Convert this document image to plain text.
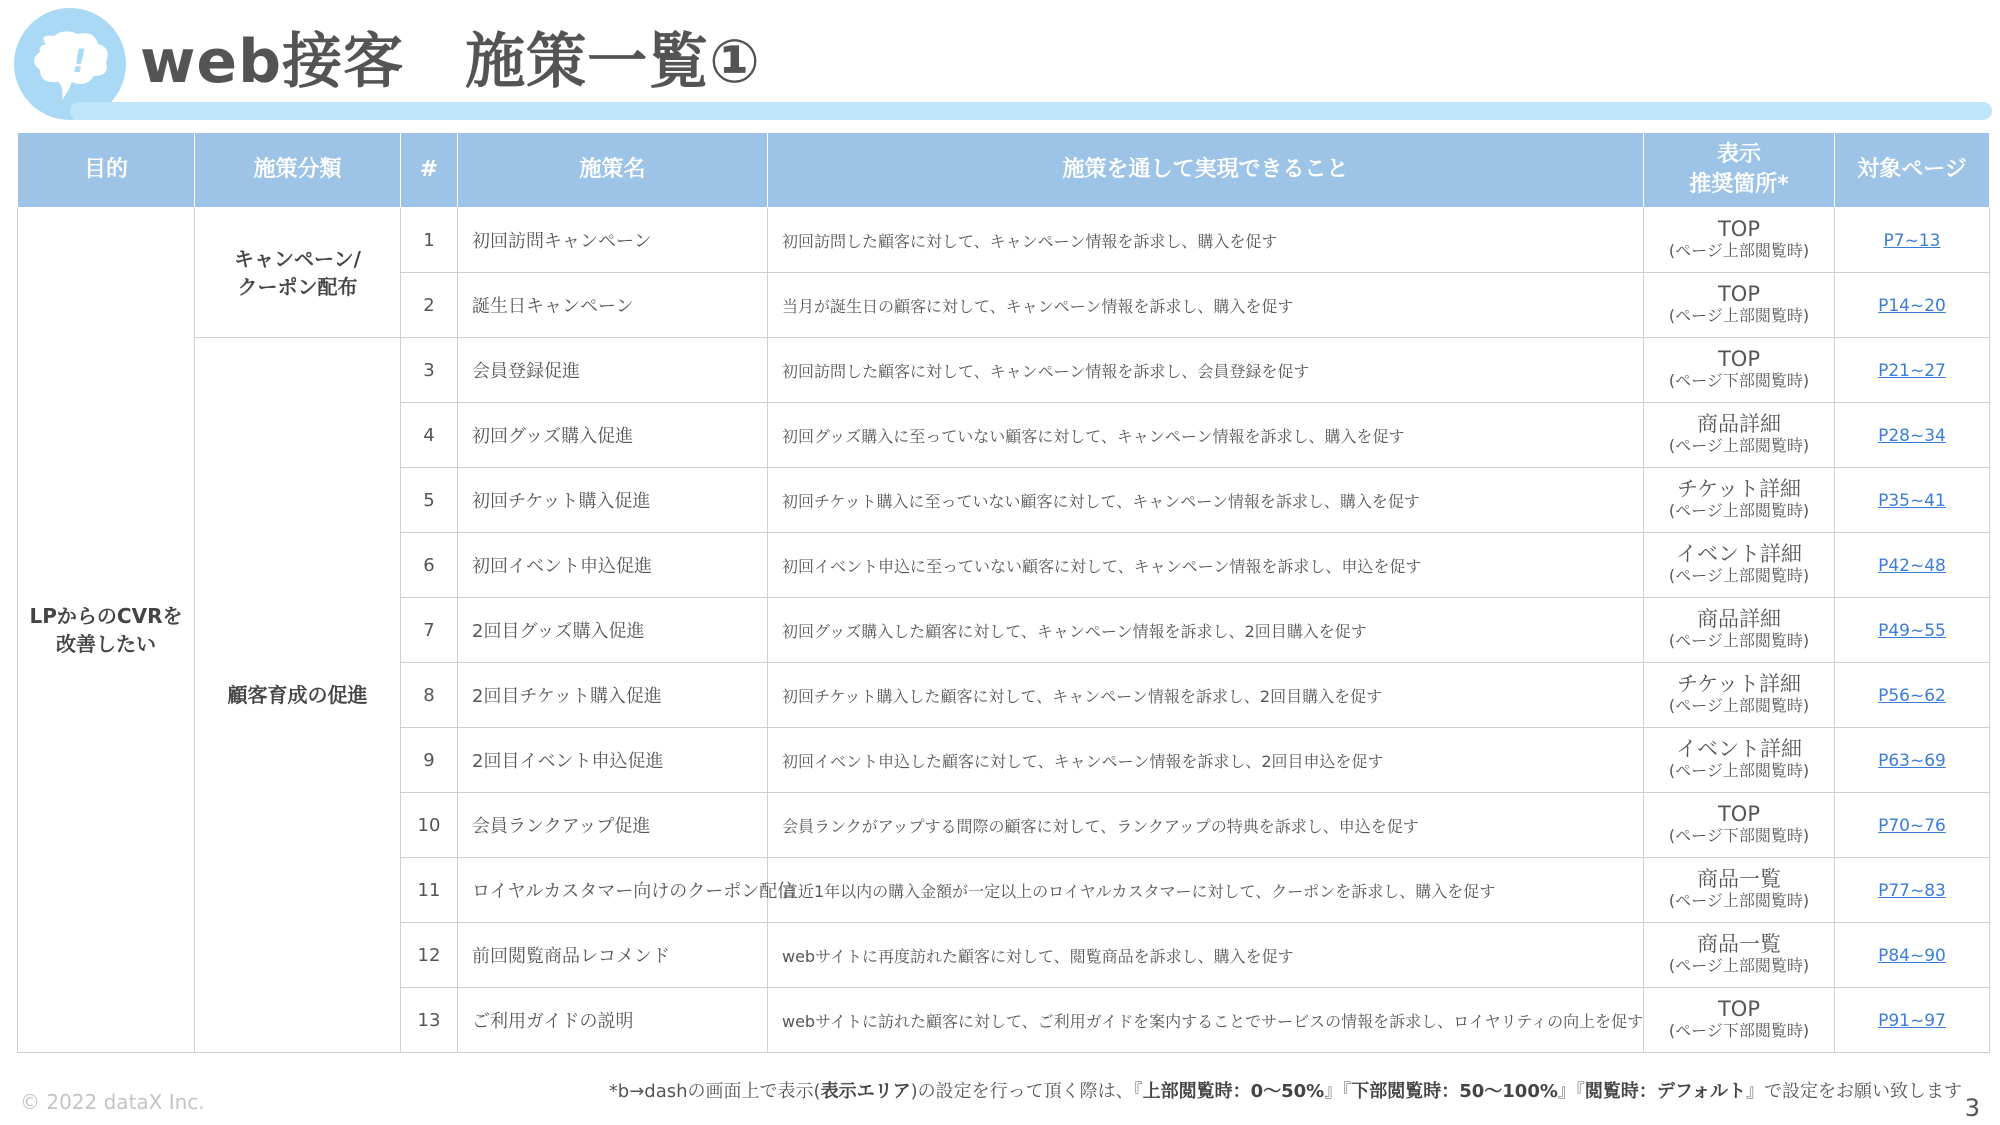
! web接客　施策一覧①
目的	施策分類	#	施策名	施策を通して実現できること	表示
推奨箇所*	対象ページ
LPからのCVRを
改善したい	キャンペーン/
クーポン配布	1	初回訪問キャンペーン	初回訪問した顧客に対して、キャンペーン情報を訴求し、購入を促す	TOP
(ページ上部閲覧時)	P7~13
		2	誕生日キャンペーン	当月が誕生日の顧客に対して、キャンペーン情報を訴求し、購入を促す	TOP
(ページ上部閲覧時)	P14~20
	顧客育成の促進	3	会員登録促進	初回訪問した顧客に対して、キャンペーン情報を訴求し、会員登録を促す	TOP
(ページ下部閲覧時)	P21~27
		4	初回グッズ購入促進	初回グッズ購入に至っていない顧客に対して、キャンペーン情報を訴求し、購入を促す	商品詳細
(ページ上部閲覧時)	P28~34
		5	初回チケット購入促進	初回チケット購入に至っていない顧客に対して、キャンペーン情報を訴求し、購入を促す	チケット詳細
(ページ上部閲覧時)	P35~41
		6	初回イベント申込促進	初回イベント申込に至っていない顧客に対して、キャンペーン情報を訴求し、申込を促す	イベント詳細
(ページ上部閲覧時)	P42~48
		7	2回目グッズ購入促進	初回グッズ購入した顧客に対して、キャンペーン情報を訴求し、2回目購入を促す	商品詳細
(ページ上部閲覧時)	P49~55
		8	2回目チケット購入促進	初回チケット購入した顧客に対して、キャンペーン情報を訴求し、2回目購入を促す	チケット詳細
(ページ上部閲覧時)	P56~62
		9	2回目イベント申込促進	初回イベント申込した顧客に対して、キャンペーン情報を訴求し、2回目申込を促す	イベント詳細
(ページ上部閲覧時)	P63~69
		10	会員ランクアップ促進	会員ランクがアップする間際の顧客に対して、ランクアップの特典を訴求し、申込を促す	TOP
(ページ下部閲覧時)	P70~76
		11	ロイヤルカスタマー向けのクーポン配信	直近1年以内の購入金額が一定以上のロイヤルカスタマーに対して、クーポンを訴求し、購入を促す	商品一覧
(ページ上部閲覧時)	P77~83
		12	前回閲覧商品レコメンド	webサイトに再度訪れた顧客に対して、閲覧商品を訴求し、購入を促す	商品一覧
(ページ上部閲覧時)	P84~90
		13	ご利用ガイドの説明	webサイトに訪れた顧客に対して、ご利用ガイドを案内することでサービスの情報を訴求し、ロイヤリティの向上を促す	TOP
(ページ下部閲覧時)	P91~97
© 2022 dataX Inc.	*b→dashの画面上で表示(表示エリア)の設定を行って頂く際は、『上部閲覧時：0〜50%』『下部閲覧時：50〜100%』『閲覧時：デフォルト』で設定をお願い致します
3
